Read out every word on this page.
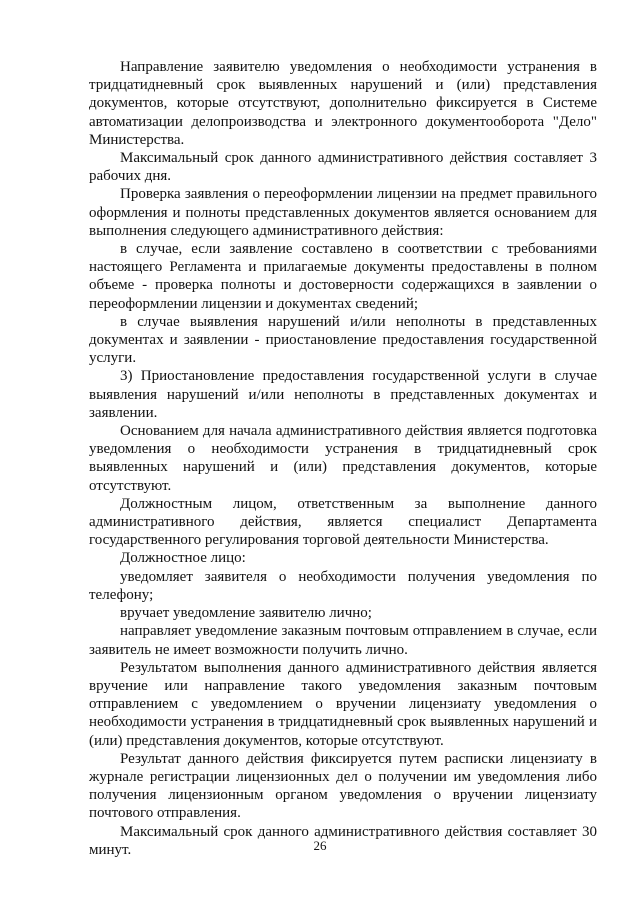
Направление заявителю уведомления о необходимости устранения в тридцатидневный срок выявленных нарушений и (или) представления документов, которые отсутствуют, дополнительно фиксируется в Системе автоматизации делопроизводства и электронного документооборота "Дело" Министерства.

Максимальный срок данного административного действия составляет 3 рабочих дня.

Проверка заявления о переоформлении лицензии на предмет правильного оформления и полноты представленных документов является основанием для выполнения следующего административного действия:

в случае, если заявление составлено в соответствии с требованиями настоящего Регламента и прилагаемые документы предоставлены в полном объеме - проверка полноты и достоверности содержащихся в заявлении о переоформлении лицензии и документах сведений;

в случае выявления нарушений и/или неполноты в представленных документах и заявлении - приостановление предоставления государственной услуги.

3) Приостановление предоставления государственной услуги в случае выявления нарушений и/или неполноты в представленных документах и заявлении.

Основанием для начала административного действия является подготовка уведомления о необходимости устранения в тридцатидневный срок выявленных нарушений и (или) представления документов, которые отсутствуют.

Должностным лицом, ответственным за выполнение данного административного действия, является специалист Департамента государственного регулирования торговой деятельности Министерства.

Должностное лицо:

уведомляет заявителя о необходимости получения уведомления по телефону;

вручает уведомление заявителю лично;

направляет уведомление заказным почтовым отправлением в случае, если заявитель не имеет возможности получить лично.

Результатом выполнения данного административного действия является вручение или направление такого уведомления заказным почтовым отправлением с уведомлением о вручении лицензиату уведомления о необходимости устранения в тридцатидневный срок выявленных нарушений и (или) представления документов, которые отсутствуют.

Результат данного действия фиксируется путем расписки лицензиату в журнале регистрации лицензионных дел о получении им уведомления либо получения лицензионным органом уведомления о вручении лицензиату почтового отправления.

Максимальный срок данного административного действия составляет 30 минут.	26
